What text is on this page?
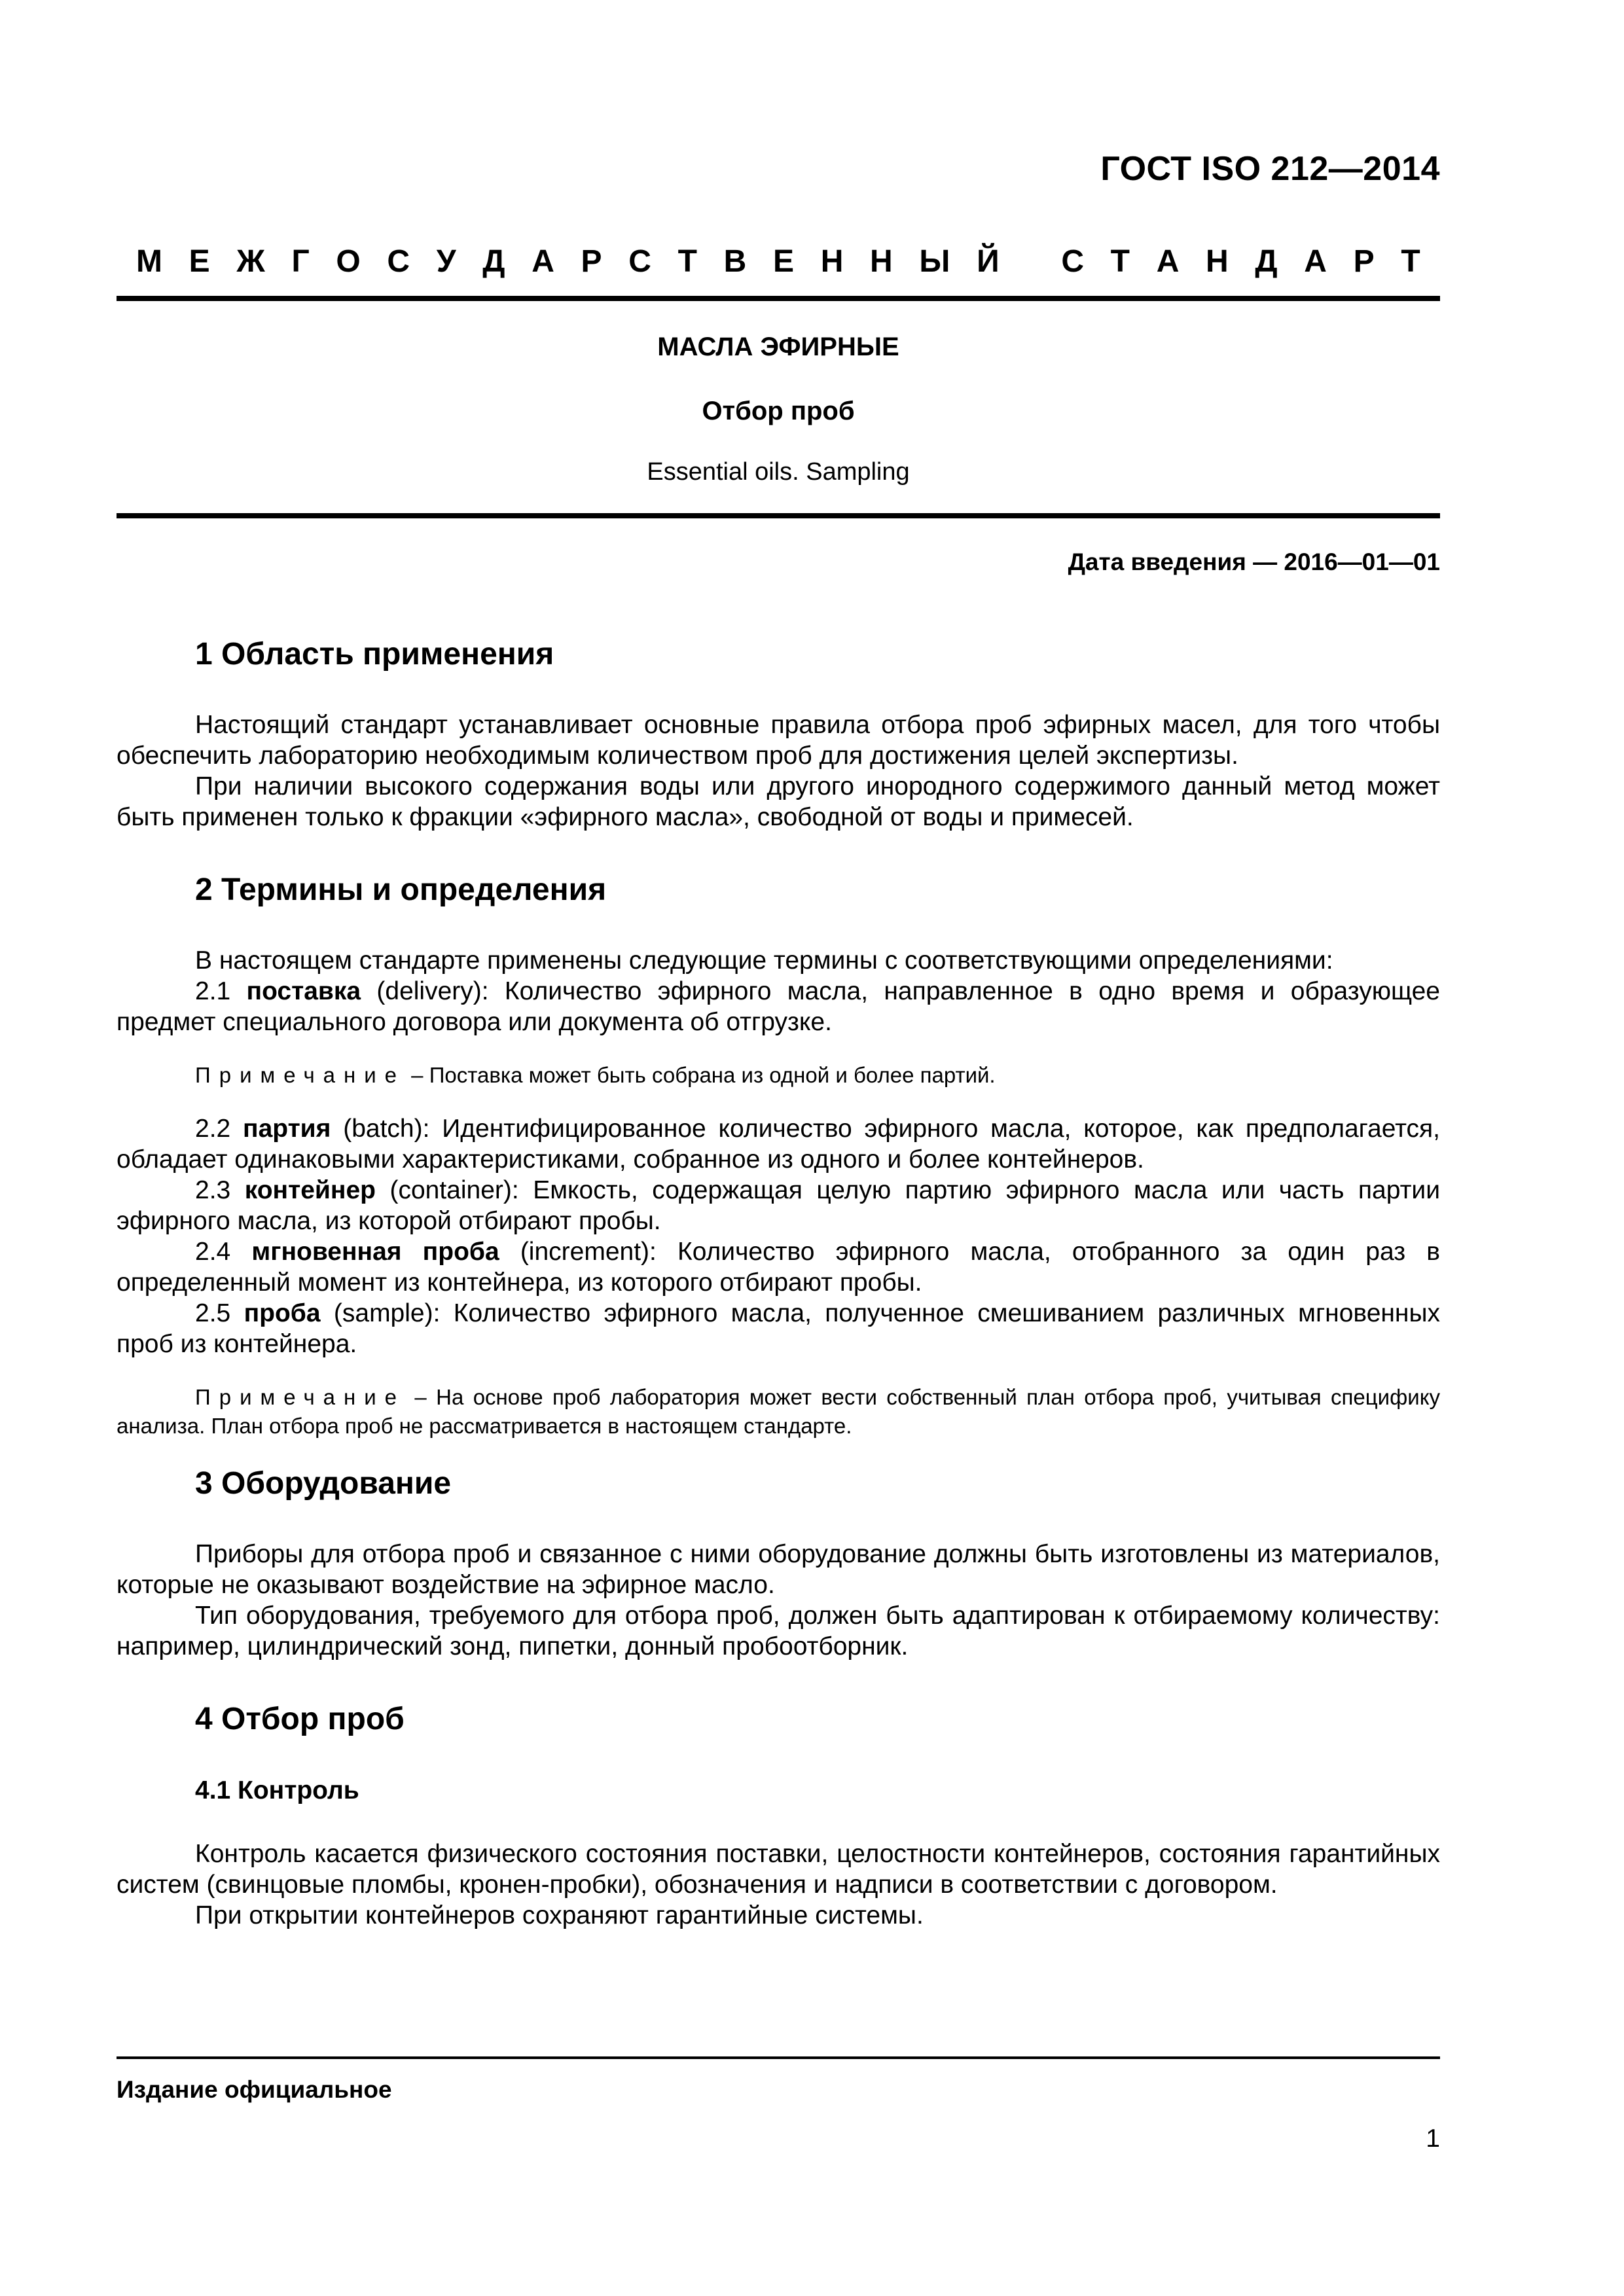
ГОСТ ISO 212—2014
М Е Ж Г О С У Д А Р С Т В Е Н Н Ы Й
С Т А Н Д А Р Т
МАСЛА ЭФИРНЫЕ
Отбор проб
Essential oils. Sampling
Дата введения — 2016—01—01
1 Область применения

Настоящий стандарт устанавливает основные правила отбора проб эфирных масел, для того чтобы обеспечить лабораторию необходимым количеством проб для достижения целей экспертизы.

При наличии высокого содержания воды или другого инородного содержимого данный метод может быть применен только к фракции «эфирного масла», свободной от воды и примесей.

2 Термины и определения

В настоящем стандарте применены следующие термины с соответствующими определениями:

2.1 поставка (delivery): Количество эфирного масла, направленное в одно время и образующее предмет специального договора или документа об отгрузке.

Примечание – Поставка может быть собрана из одной и более партий.

2.2 партия (batch): Идентифицированное количество эфирного масла, которое, как предполагается, обладает одинаковыми характеристиками, собранное из одного и более контейнеров.

2.3 контейнер (container): Емкость, содержащая целую партию эфирного масла или часть партии эфирного масла, из которой отбирают пробы.

2.4 мгновенная проба (increment): Количество эфирного масла, отобранного за один раз в определенный момент из контейнера, из которого отбирают пробы.

2.5 проба (sample): Количество эфирного масла, полученное смешиванием различных мгновенных проб из контейнера.

Примечание – На основе проб лаборатория может вести собственный план отбора проб, учитывая специфику анализа. План отбора проб не рассматривается в настоящем стандарте.
3 Оборудование

Приборы для отбора проб и связанное с ними оборудование должны быть изготовлены из материалов, которые не оказывают воздействие на эфирное масло.

Тип оборудования, требуемого для отбора проб, должен быть адаптирован к отбираемому количеству: например, цилиндрический зонд, пипетки, донный пробоотборник.

4 Отбор проб
4.1 Контроль

Контроль касается физического состояния поставки, целостности контейнеров, состояния гарантийных систем (свинцовые пломбы, кронен-пробки), обозначения и надписи в соответствии с договором.

При открытии контейнеров сохраняют гарантийные системы.

Издание официальное
1
